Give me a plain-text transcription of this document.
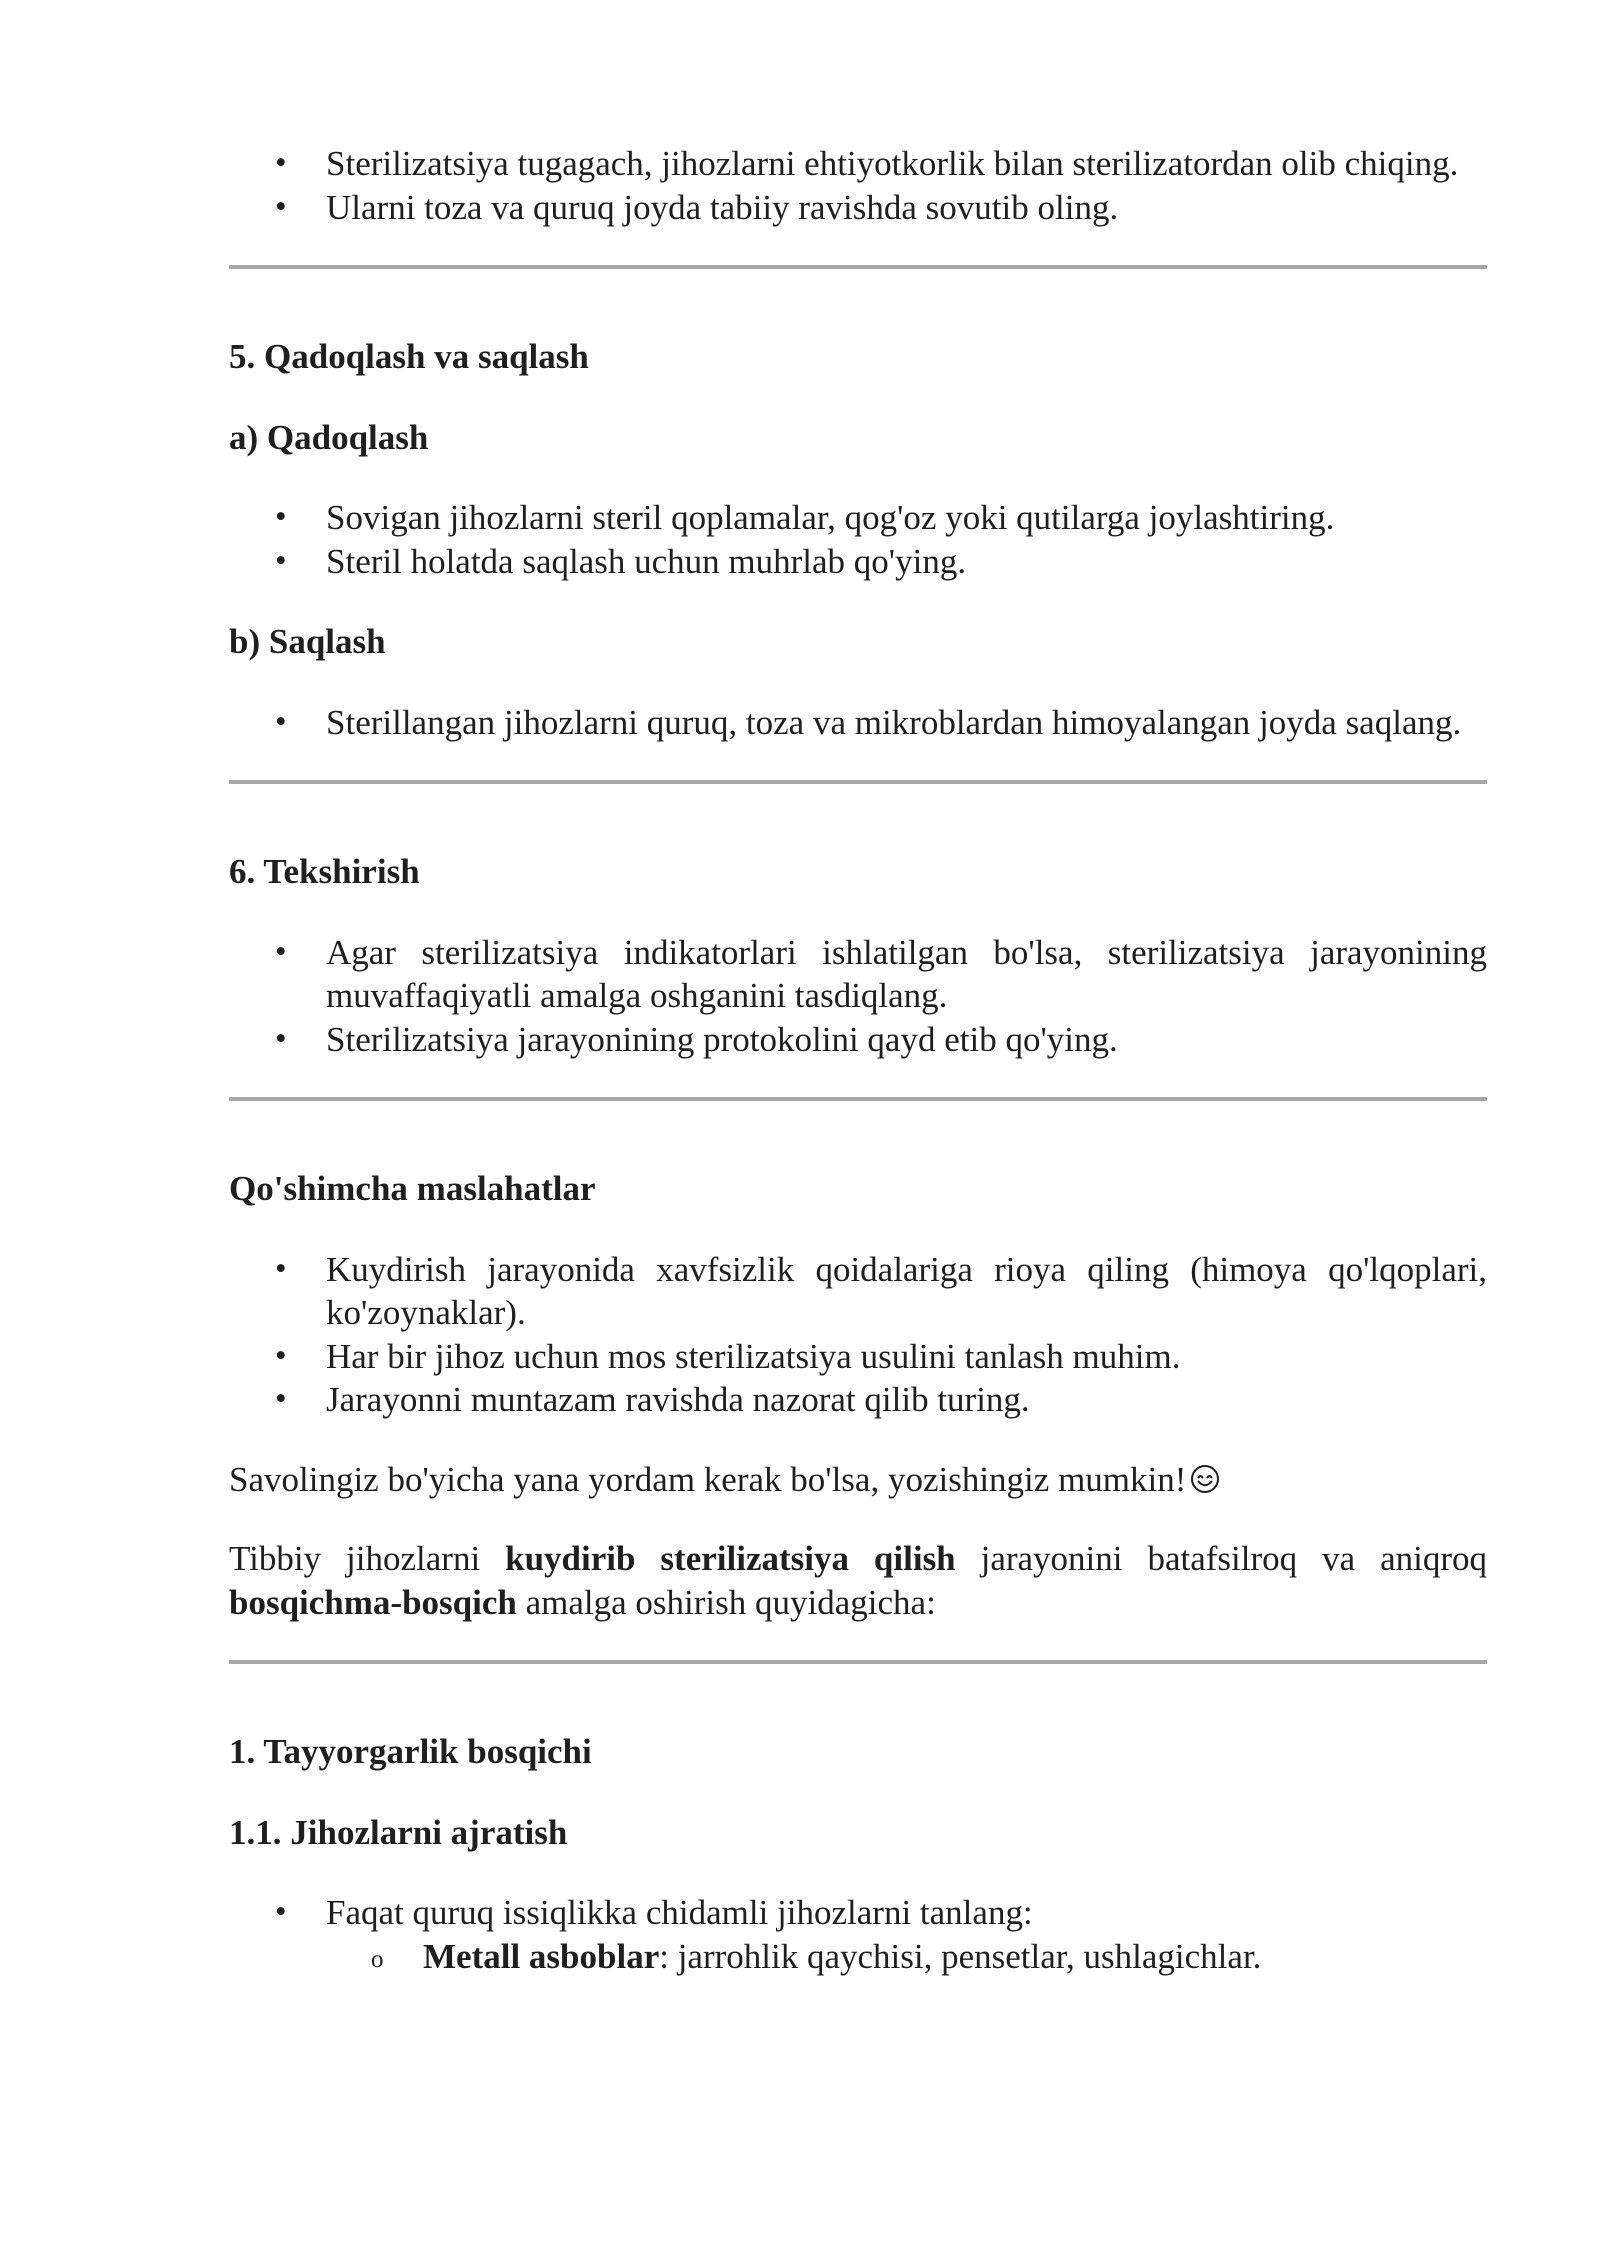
• Sterilizatsiya tugagach, jihozlarni ehtiyotkorlik bilan sterilizatordan olib chiqing.
• Ularni toza va quruq joyda tabiiy ravishda sovutib oling.

5. Qadoqlash va saqlash

a) Qadoqlash

• Sovigan jihozlarni steril qoplamalar, qog'oz yoki qutilarga joylashtiring.
• Steril holatda saqlash uchun muhrlab qo'ying.

b) Saqlash

• Sterillangan jihozlarni quruq, toza va mikroblardan himoyalangan joyda saqlang.

6. Tekshirish

• Agar sterilizatsiya indikatorlari ishlatilgan bo'lsa, sterilizatsiya jarayonining muvaffaqiyatli amalga oshganini tasdiqlang.
• Sterilizatsiya jarayonining protokolini qayd etib qo'ying.

Qo'shimcha maslahatlar

• Kuydirish jarayonida xavfsizlik qoidalariga rioya qiling (himoya qo'lqoplari, ko'zoynaklar).
• Har bir jihoz uchun mos sterilizatsiya usulini tanlash muhim.
• Jarayonni muntazam ravishda nazorat qilib turing.

Savolingiz bo'yicha yana yordam kerak bo'lsa, yozishingiz mumkin!

Tibbiy jihozlarni kuydirib sterilizatsiya qilish jarayonini batafsilroq va aniqroq bosqichma-bosqich amalga oshirish quyidagicha:

1. Tayyorgarlik bosqichi

1.1. Jihozlarni ajratish

• Faqat quruq issiqlikka chidamli jihozlarni tanlang:
o Metall asboblar: jarrohlik qaychisi, pensetlar, ushlagichlar.
